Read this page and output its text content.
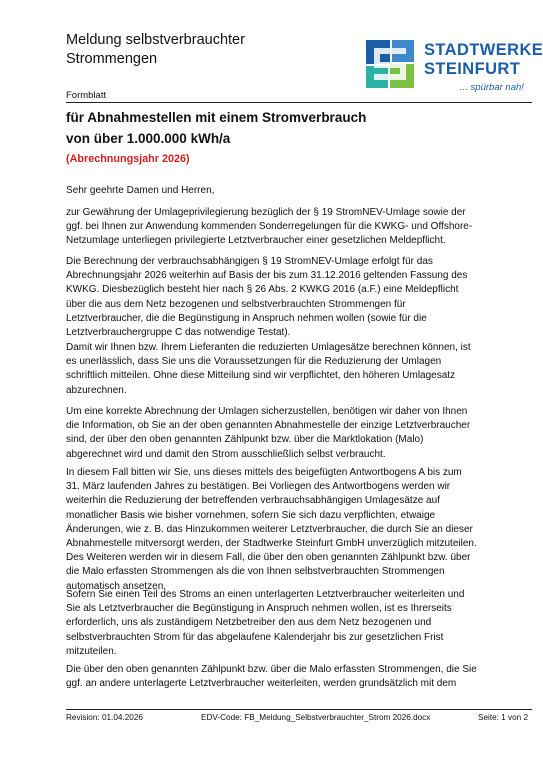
Meldung selbstverbrauchter
Strommengen	STADTWERKE
STEINFURT
... spürbar nah!
Formblatt
für Abnahmestellen mit einem Stromverbrauch
von über 1.000.000 kWh/a
(Abrechnungsjahr 2026)
Sehr geehrte Damen und Herren,
zur Gewährung der Umlageprivilegierung bezüglich der § 19 StromNEV-Umlage sowie der
ggf. bei Ihnen zur Anwendung kommenden Sonderregelungen für die KWKG- und Offshore-
Netzumlage unterliegen privilegierte Letztverbraucher einer gesetzlichen Meldepflicht.
Die Berechnung der verbrauchsabhängigen § 19 StromNEV-Umlage erfolgt für das
Abrechnungsjahr 2026 weiterhin auf Basis der bis zum 31.12.2016 geltenden Fassung des
KWKG. Diesbezüglich besteht hier nach § 26 Abs. 2 KWKG 2016 (a.F.) eine Meldepflicht
über die aus dem Netz bezogenen und selbstverbrauchten Strommengen für
Letztverbraucher, die die Begünstigung in Anspruch nehmen wollen (sowie für die
Letztverbrauchergruppe C das notwendige Testat).
Damit wir Ihnen bzw. Ihrem Lieferanten die reduzierten Umlagesätze berechnen können, ist
es unerlässlich, dass Sie uns die Voraussetzungen für die Reduzierung der Umlagen
schriftlich mitteilen. Ohne diese Mitteilung sind wir verpflichtet, den höheren Umlagesatz
abzurechnen.
Um eine korrekte Abrechnung der Umlagen sicherzustellen, benötigen wir daher von Ihnen
die Information, ob Sie an der oben genannten Abnahmestelle der einzige Letztverbraucher
sind, der über den oben genannten Zählpunkt bzw. über die Marktlokation (Malo)
abgerechnet wird und damit den Strom ausschließlich selbst verbraucht.
In diesem Fall bitten wir Sie, uns dieses mittels des beigefügten Antwortbogens A bis zum
31. März laufenden Jahres zu bestätigen. Bei Vorliegen des Antwortbogens werden wir
weiterhin die Reduzierung der betreffenden verbrauchsabhängigen Umlagesätze auf
monatlicher Basis wie bisher vornehmen, sofern Sie sich dazu verpflichten, etwaige
Änderungen, wie z. B. das Hinzukommen weiterer Letztverbraucher, die durch Sie an dieser
Abnahmestelle mitversorgt werden, der Stadtwerke Steinfurt GmbH unverzüglich mitzuteilen.
Des Weiteren werden wir in diesem Fall, die über den oben genannten Zählpunkt bzw. über
die Malo erfassten Strommengen als die von Ihnen selbstverbrauchten Strommengen
automatisch ansetzen.
Sofern Sie einen Teil des Stroms an einen unterlagerten Letztverbraucher weiterleiten und
Sie als Letztverbraucher die Begünstigung in Anspruch nehmen wollen, ist es Ihrerseits
erforderlich, uns als zuständigem Netzbetreiber den aus dem Netz bezogenen und
selbstverbrauchten Strom für das abgelaufene Kalenderjahr bis zur gesetzlichen Frist
mitzuteilen.
Die über den oben genannten Zählpunkt bzw. über die Malo erfassten Strommengen, die Sie
ggf. an andere unterlagerte Letztverbraucher weiterleiten, werden grundsätzlich mit dem
Revision: 01.04.2026	EDV-Code: FB_Meldung_Selbstverbrauchter_Strom 2026.docx	Seite: 1 von 2
